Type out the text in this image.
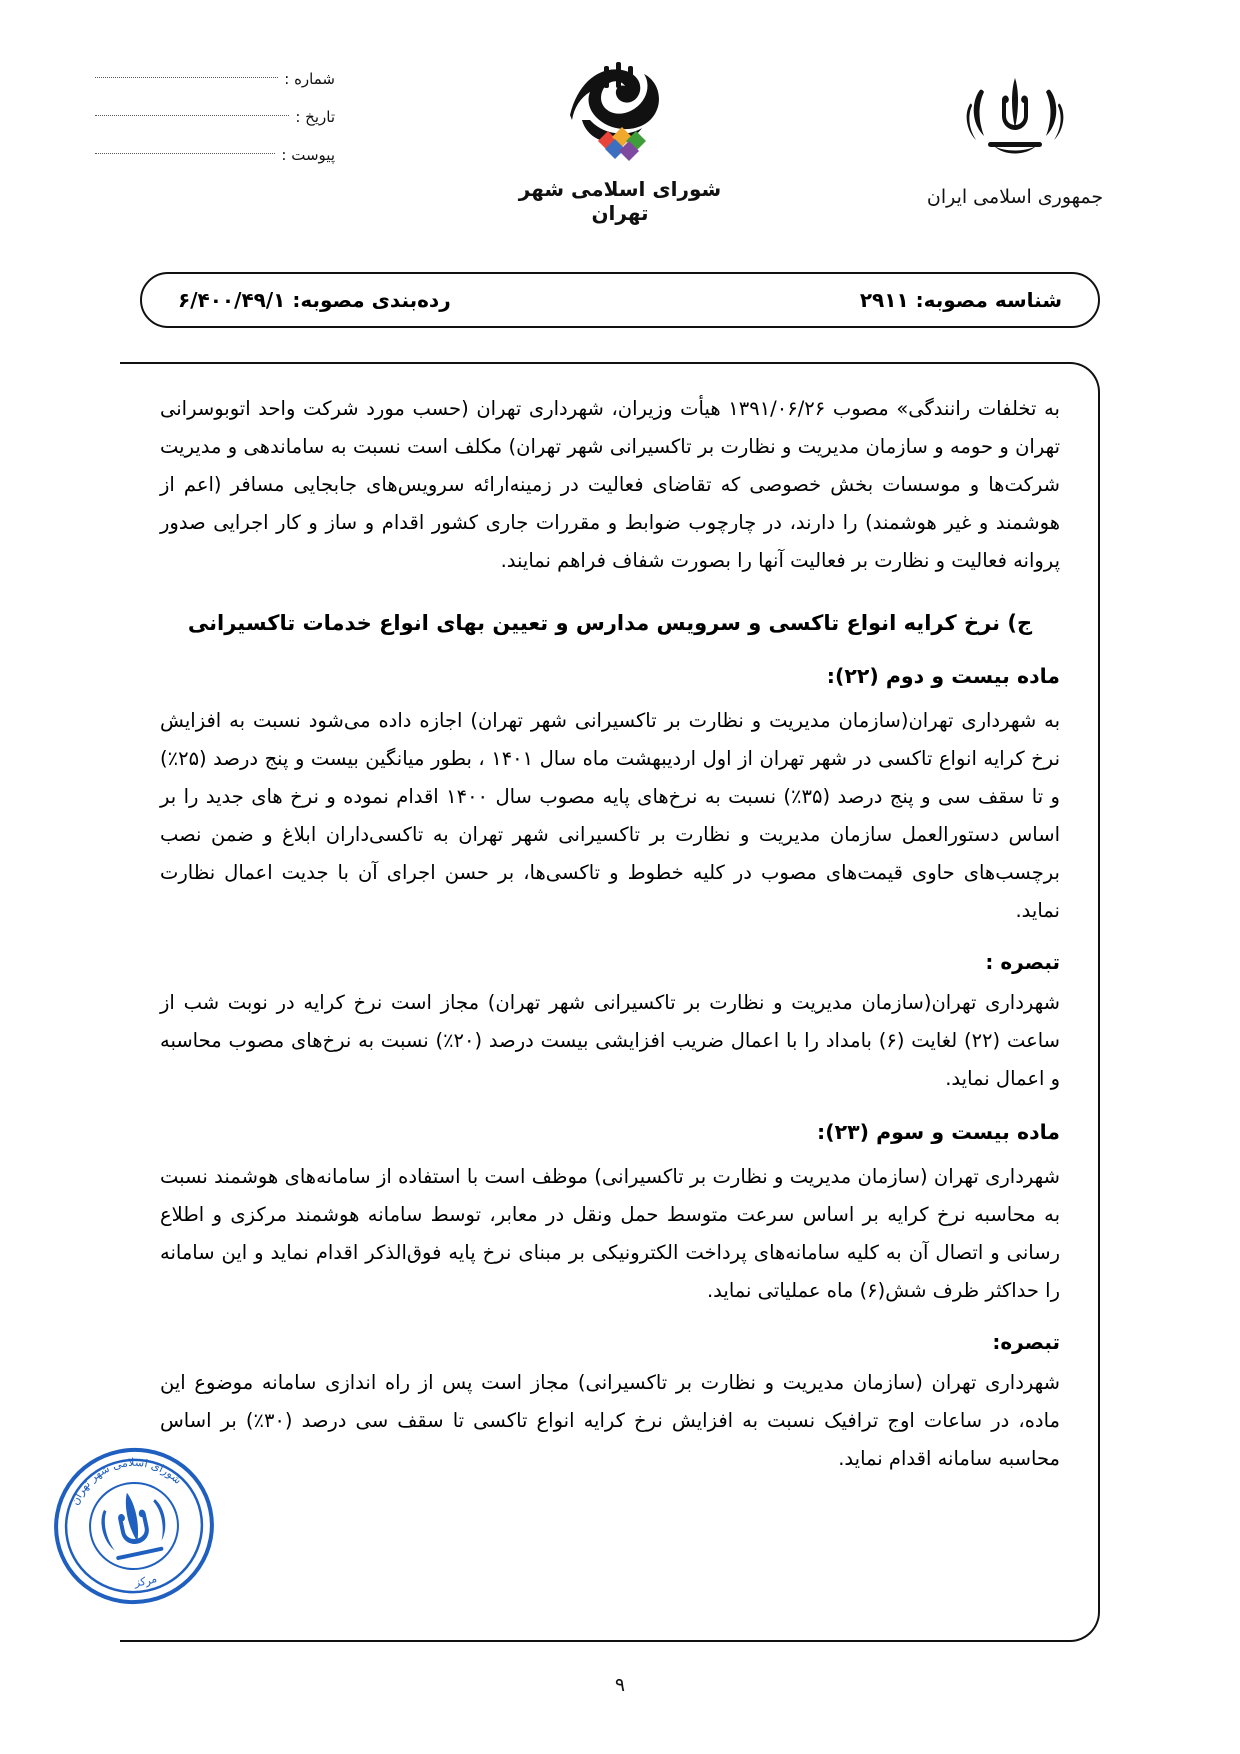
شماره :
تاریخ :
پیوست :
شورای اسلامی شهر تهران
جمهوری اسلامی ایران
شناسه مصوبه: ۲۹۱۱
رده‌بندی مصوبه: ۶/۴۰۰/۴۹/۱

به تخلفات رانندگی» مصوب ۱۳۹۱/۰۶/۲۶ هیأت وزیران، شهرداری تهران (حسب مورد شرکت واحد اتوبوسرانی تهران و حومه و سازمان مدیریت و نظارت بر تاکسیرانی شهر تهران) مکلف است نسبت به ساماندهی و مدیریت شرکت‌ها و موسسات بخش خصوصی که تقاضای فعالیت در زمینه‌ارائه سرویس‌های جابجایی مسافر (اعم از هوشمند و غیر هوشمند) را دارند، در چارچوب ضوابط و مقررات جاری کشور اقدام و ساز و کار اجرایی صدور پروانه فعالیت و نظارت بر فعالیت آنها را بصورت شفاف فراهم نمایند.

ج) نرخ کرایه انواع تاکسی و سرویس مدارس و تعیین بهای انواع خدمات تاکسیرانی
ماده بیست و دوم (۲۲):

به شهرداری تهران(سازمان مدیریت و نظارت بر تاکسیرانی شهر تهران) اجازه داده می‌شود نسبت به افزایش نرخ کرایه انواع تاکسی در شهر تهران از اول اردیبهشت ماه سال ۱۴۰۱ ، بطور میانگین بیست و پنج درصد (۲۵٪) و تا سقف سی و پنج درصد (۳۵٪) نسبت به نرخ‌های پایه مصوب سال ۱۴۰۰ اقدام نموده و نرخ های جدید را بر اساس دستورالعمل سازمان مدیریت و نظارت بر تاکسیرانی شهر تهران به تاکسی‌داران ابلاغ و ضمن نصب برچسب‌های حاوی قیمت‌های مصوب در کلیه خطوط و تاکسی‌ها، بر حسن اجرای آن با جدیت اعمال نظارت نماید.

تبصره :

شهرداری تهران(سازمان مدیریت و نظارت بر تاکسیرانی شهر تهران) مجاز است نرخ کرایه در نوبت شب از ساعت (۲۲) لغایت (۶) بامداد را با اعمال ضریب افزایشی بیست درصد (۲۰٪) نسبت به نرخ‌های مصوب محاسبه و اعمال نماید.

ماده بیست و سوم (۲۳):

شهرداری تهران (سازمان مدیریت و نظارت بر تاکسیرانی) موظف است با استفاده از سامانه‌های هوشمند نسبت به محاسبه نرخ کرایه بر اساس سرعت متوسط حمل ونقل در معابر، توسط سامانه هوشمند مرکزی و اطلاع رسانی و اتصال آن به کلیه سامانه‌های پرداخت الکترونیکی بر مبنای نرخ پایه فوق‌الذکر اقدام نماید و این سامانه را حداکثر ظرف شش(۶) ماه عملیاتی نماید.

تبصره:

شهرداری تهران (سازمان مدیریت و نظارت بر تاکسیرانی) مجاز است پس از راه اندازی سامانه موضوع این ماده، در ساعات اوج ترافیک نسبت به افزایش نرخ کرایه انواع تاکسی تا سقف سی درصد (۳۰٪) بر اساس محاسبه سامانه اقدام نماید.

شورای اسلامی شهر تهران
مرکز
۹
